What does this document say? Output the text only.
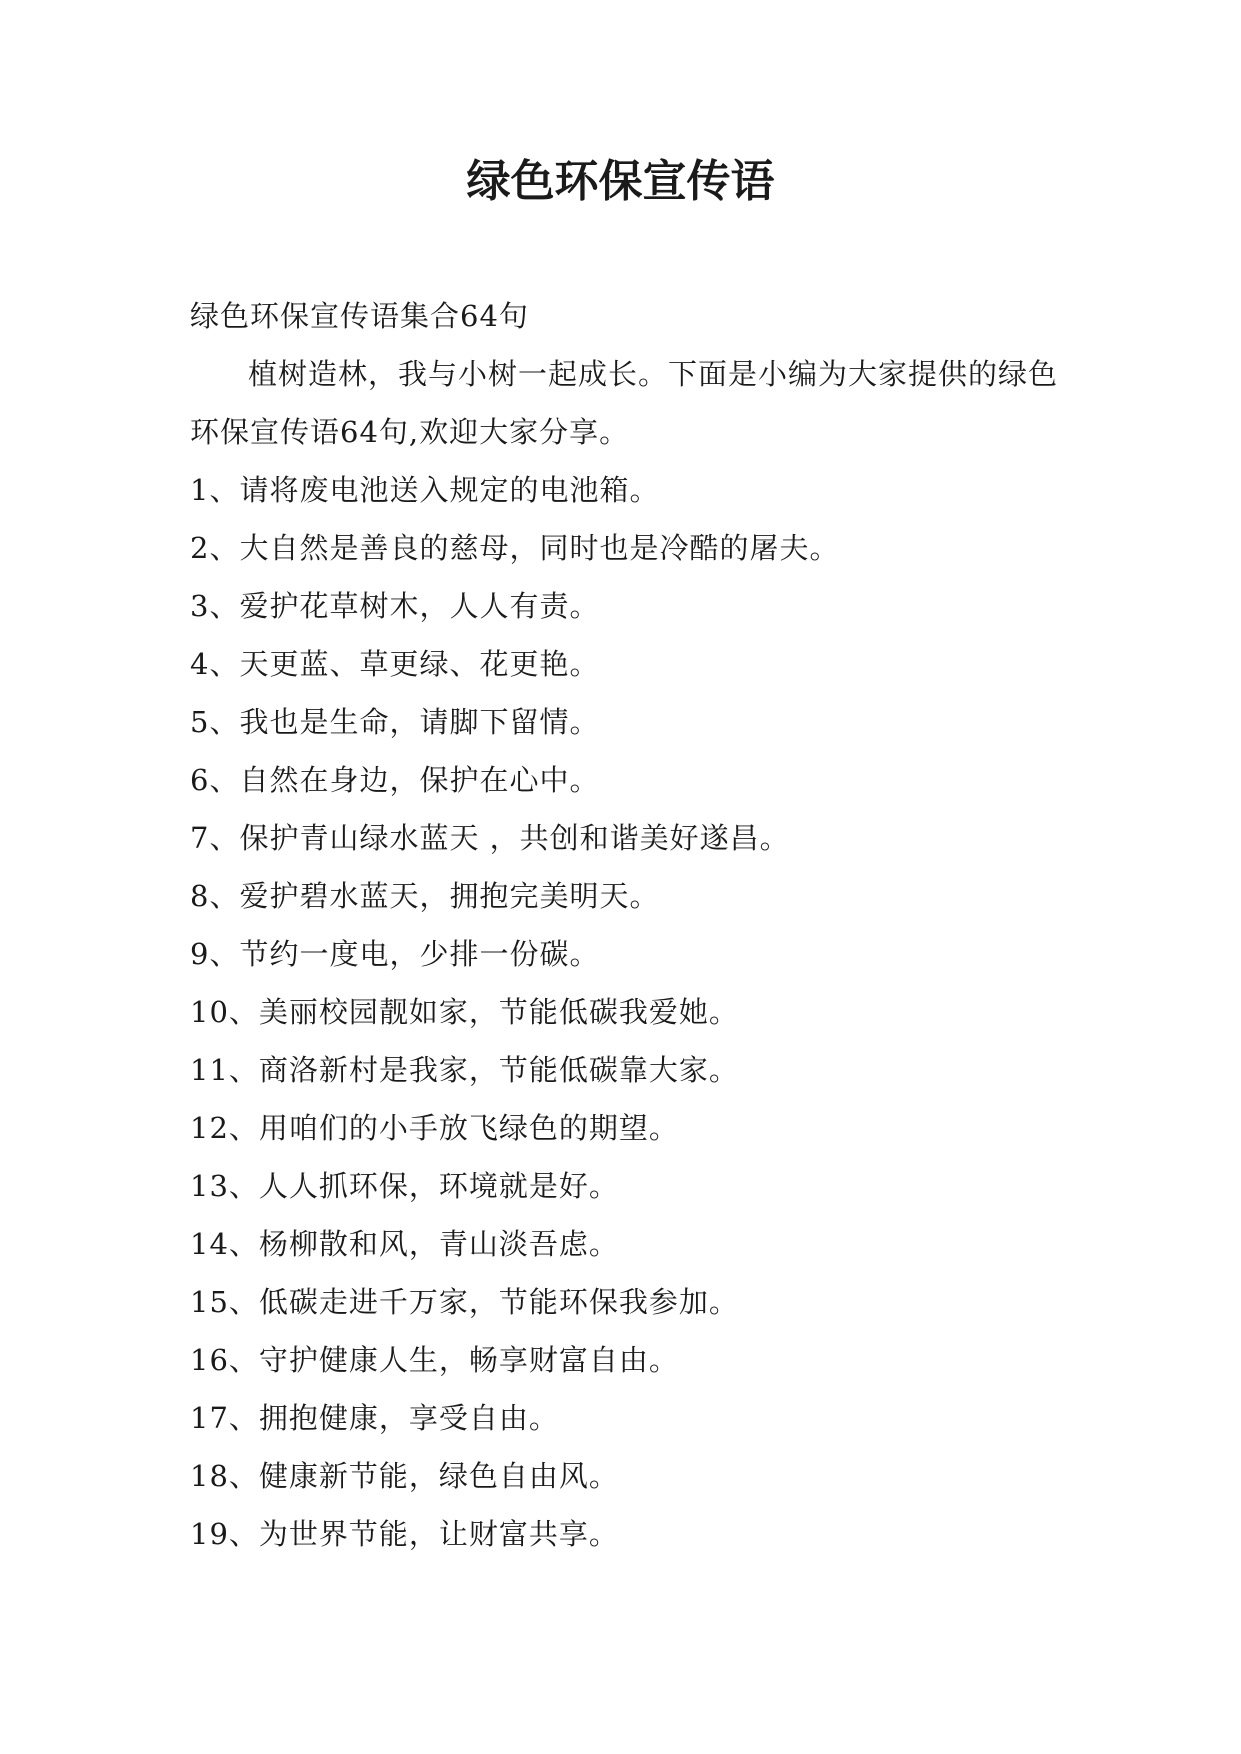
绿色环保宣传语

绿色环保宣传语集合64句

植树造林，我与小树一起成长。下面是小编为大家提供的绿色环保宣传语64句,欢迎大家分享。

1、请将废电池送入规定的电池箱。
2、大自然是善良的慈母，同时也是冷酷的屠夫。
3、爱护花草树木，人人有责。
4、天更蓝、草更绿、花更艳。
5、我也是生命，请脚下留情。
6、自然在身边，保护在心中。
7、保护青山绿水蓝天 ，共创和谐美好遂昌。
8、爱护碧水蓝天，拥抱完美明天。
9、节约一度电，少排一份碳。
10、美丽校园靓如家，节能低碳我爱她。
11、商洛新村是我家，节能低碳靠大家。
12、用咱们的小手放飞绿色的期望。
13、人人抓环保，环境就是好。
14、杨柳散和风，青山淡吾虑。
15、低碳走进千万家，节能环保我参加。
16、守护健康人生，畅享财富自由。
17、拥抱健康，享受自由。
18、健康新节能，绿色自由风。
19、为世界节能，让财富共享。
